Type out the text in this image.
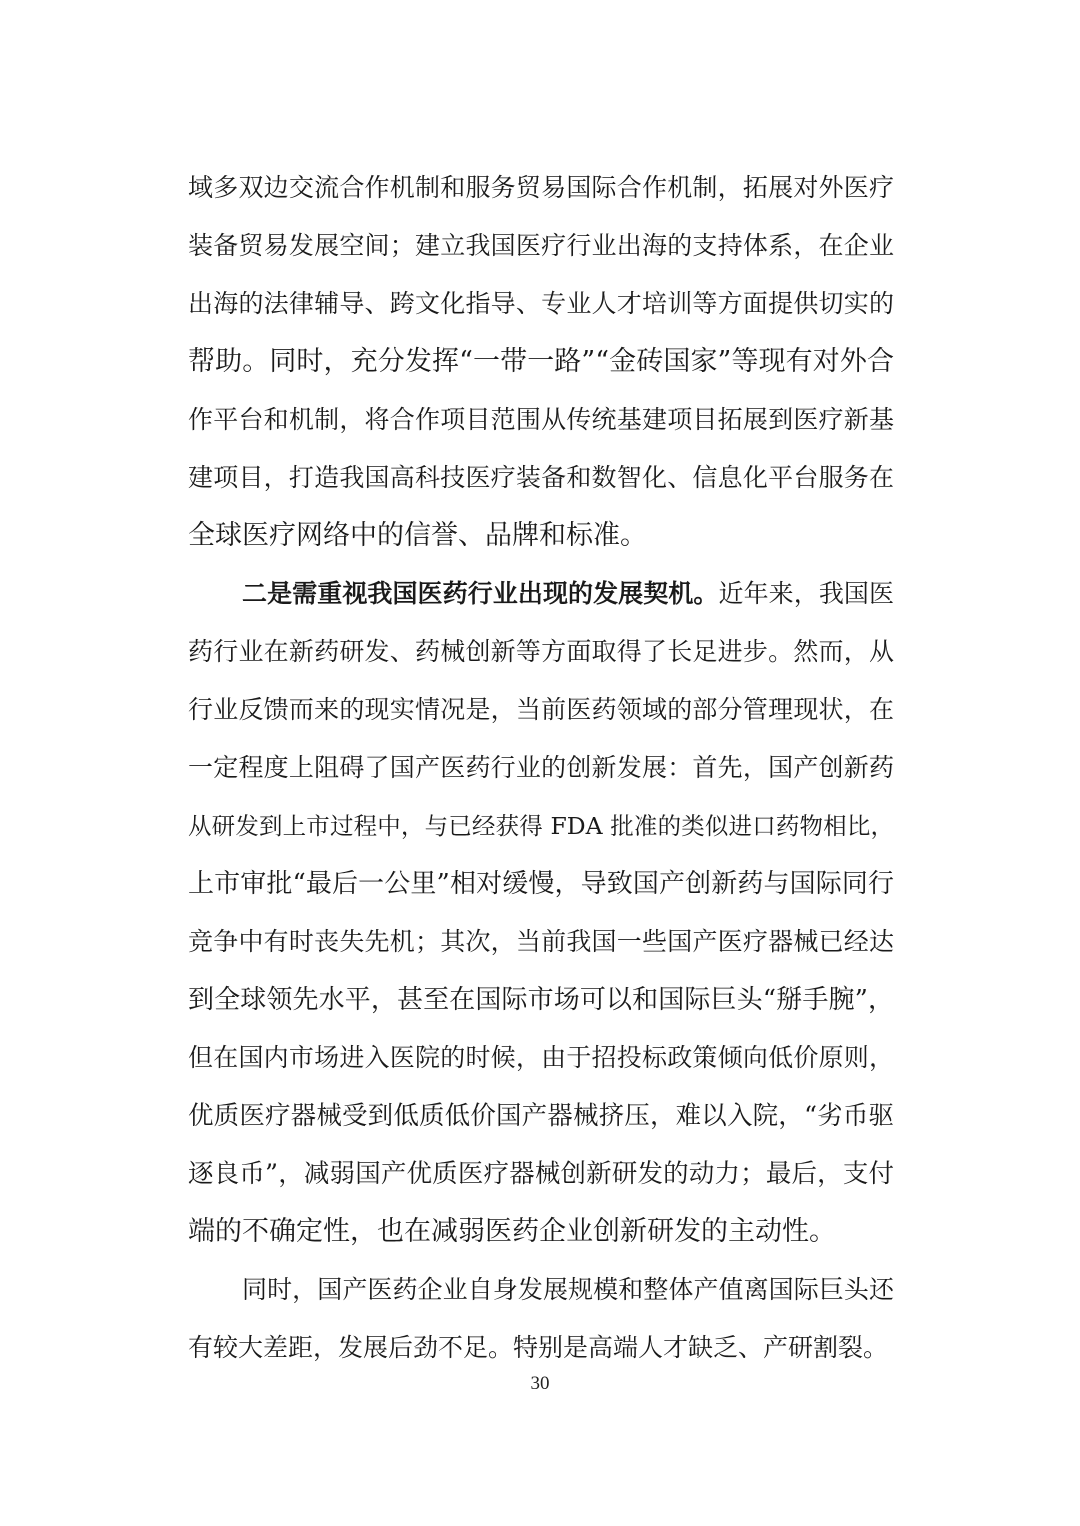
域多双边交流合作机制和服务贸易国际合作机制，拓展对外医疗
装备贸易发展空间；建立我国医疗行业出海的支持体系，在企业
出海的法律辅导、跨文化指导、专业人才培训等方面提供切实的
帮助。同时，充分发挥“一带一路”“金砖国家”等现有对外合
作平台和机制，将合作项目范围从传统基建项目拓展到医疗新基
建项目，打造我国高科技医疗装备和数智化、信息化平台服务在
全球医疗网络中的信誉、品牌和标准。
二是需重视我国医药行业出现的发展契机。近年来，我国医
药行业在新药研发、药械创新等方面取得了长足进步。然而，从
行业反馈而来的现实情况是，当前医药领域的部分管理现状，在
一定程度上阻碍了国产医药行业的创新发展：首先，国产创新药
从研发到上市过程中，与已经获得 FDA 批准的类似进口药物相比，
上市审批“最后一公里”相对缓慢，导致国产创新药与国际同行
竞争中有时丧失先机；其次，当前我国一些国产医疗器械已经达
到全球领先水平，甚至在国际市场可以和国际巨头“掰手腕”，
但在国内市场进入医院的时候，由于招投标政策倾向低价原则，
优质医疗器械受到低质低价国产器械挤压，难以入院，“劣币驱
逐良币”，减弱国产优质医疗器械创新研发的动力；最后，支付
端的不确定性，也在减弱医药企业创新研发的主动性。
同时，国产医药企业自身发展规模和整体产值离国际巨头还
有较大差距，发展后劲不足。特别是高端人才缺乏、产研割裂。
30
